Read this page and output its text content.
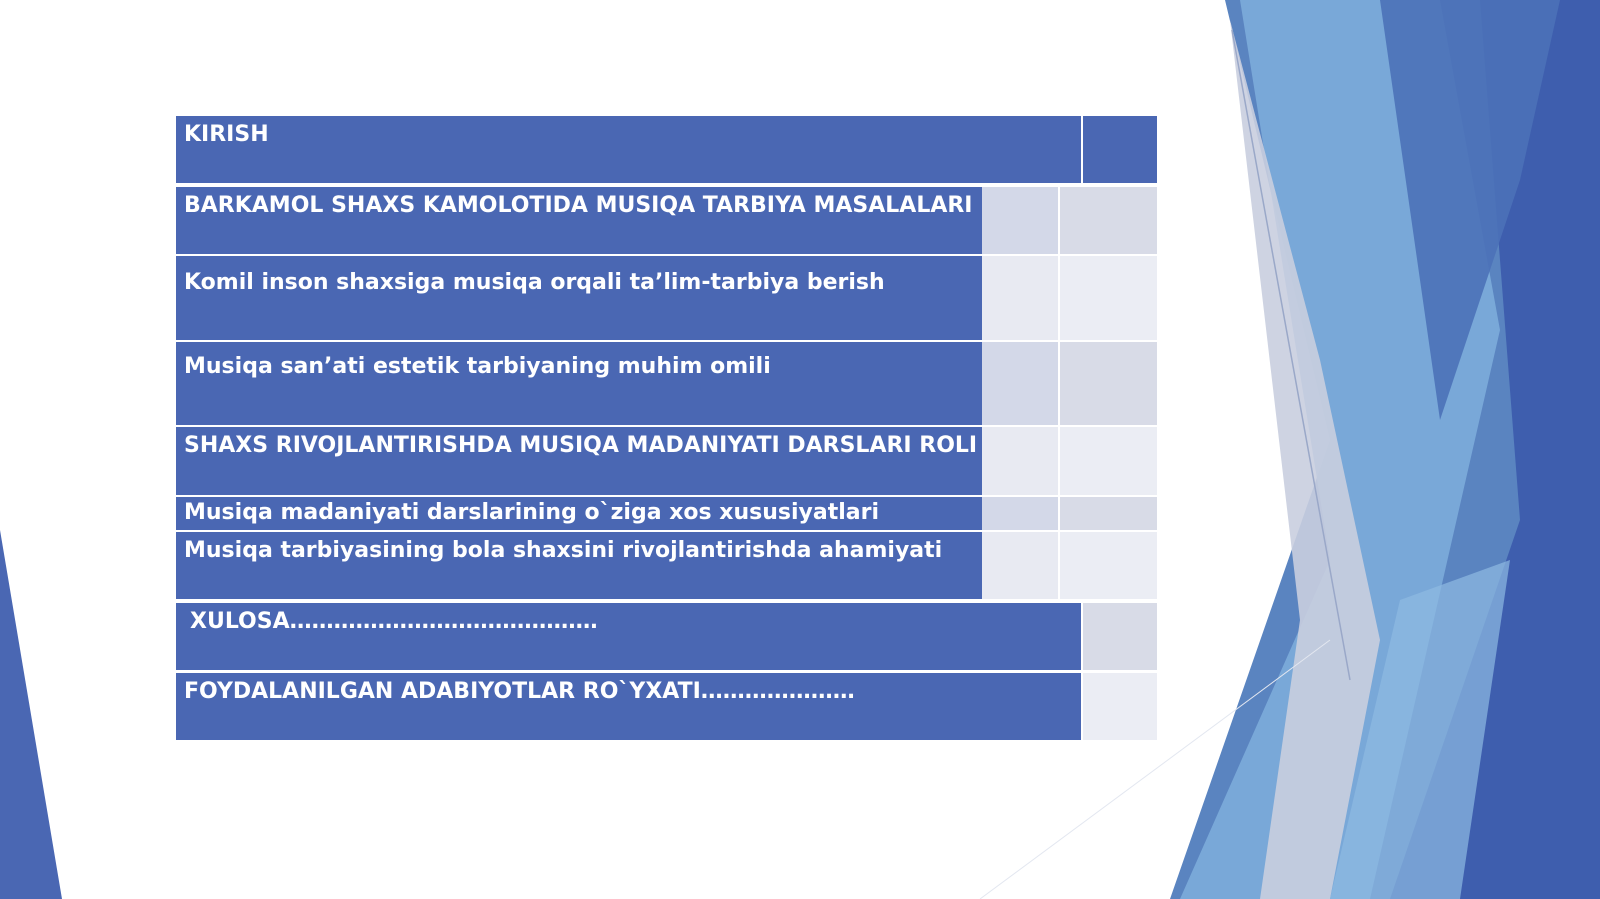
KIRISH
BARKAMOL SHAXS KAMOLOTIDA MUSIQA TARBIYA MASALALARI
Komil inson shaxsiga musiqa orqali ta’lim-tarbiya berish
Musiqa san’ati estetik tarbiyaning muhim omili
SHAXS RIVOJLANTIRISHDA MUSIQA MADANIYATI DARSLARI ROLI
Musiqa madaniyati darslarining o`ziga xos xususiyatlari
Musiqa tarbiyasining bola shaxsini rivojlantirishda ahamiyati
XULOSA……………………………………
FOYDALANILGAN ADABIYOTLAR RO`YXATI…………………
